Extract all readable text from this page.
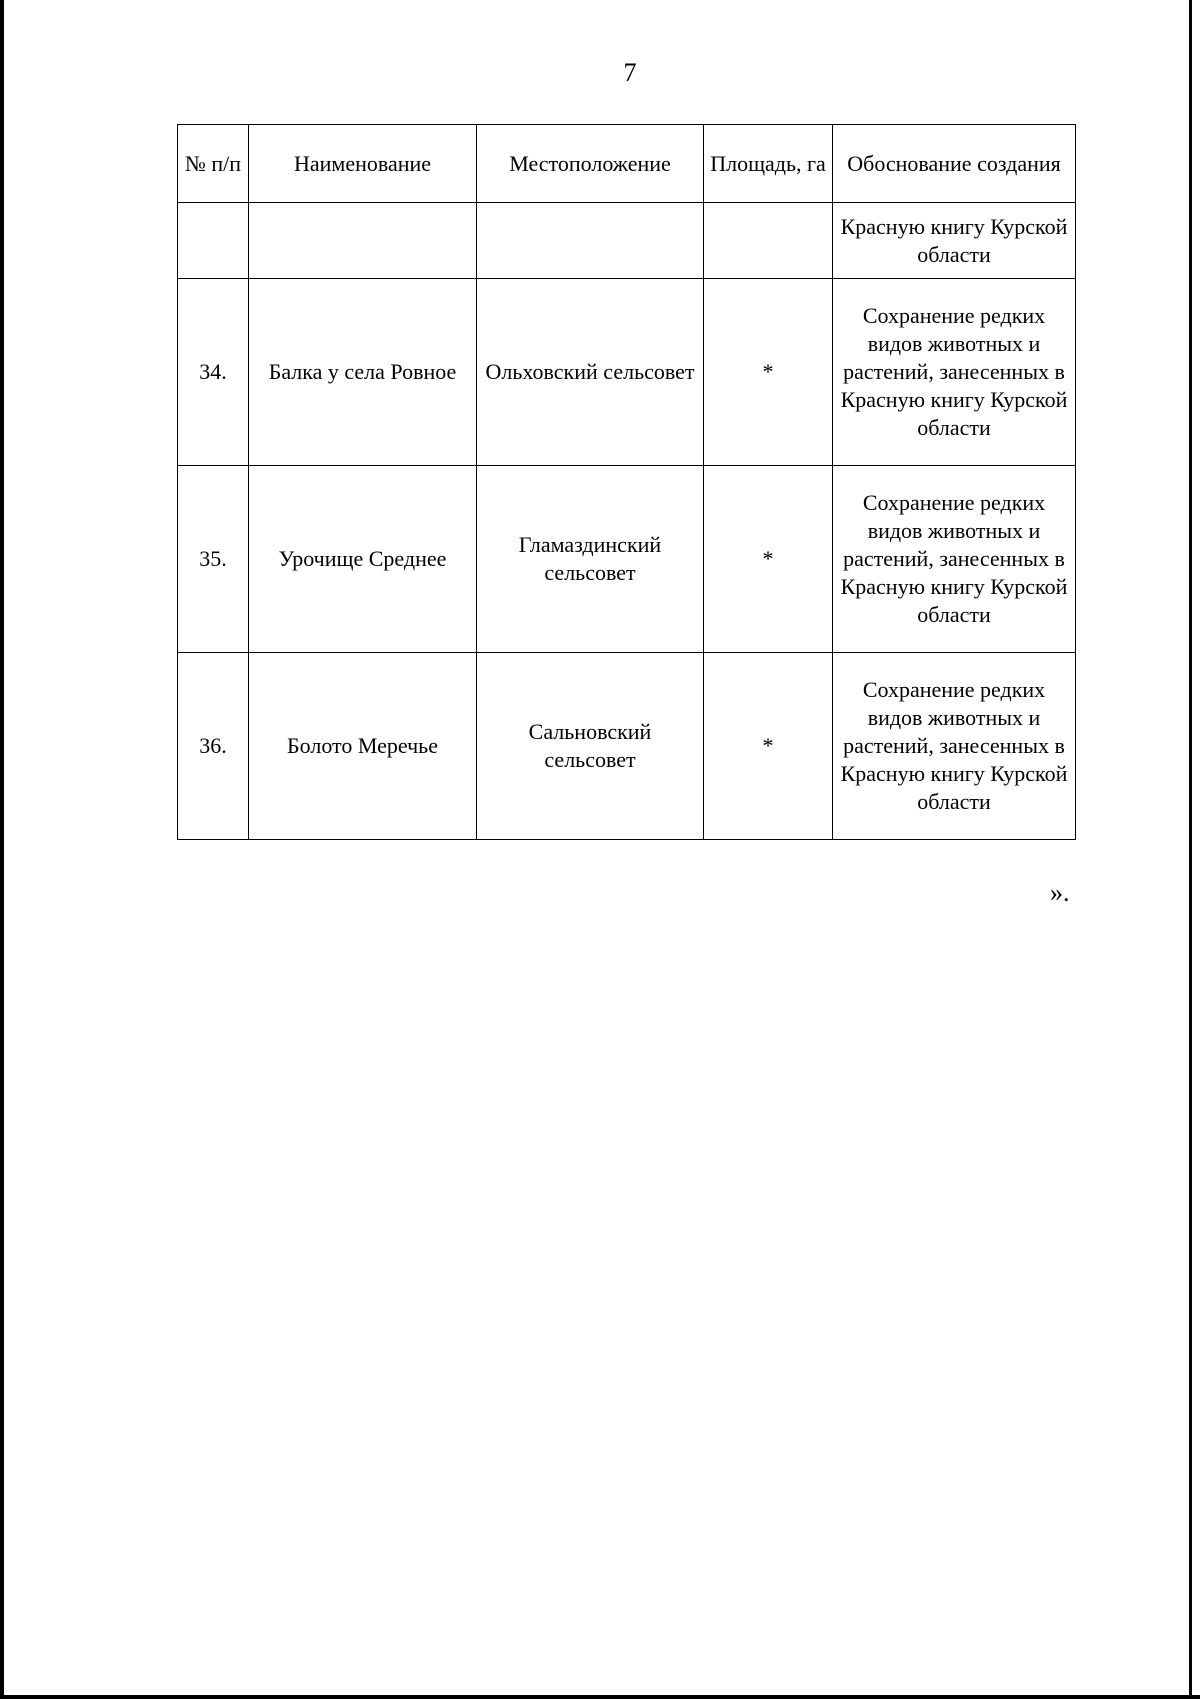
7
№ п/п	Наименование	Местоположение	Площадь, га	Обоснование создания
				Красную книгу Курской области
34.	Балка у села Ровное	Ольховский сельсовет	*	Сохранение редких видов животных и растений, занесенных в Красную книгу Курской области
35.	Урочище Среднее	Гламаздинский сельсовет	*	Сохранение редких видов животных и растений, занесенных в Красную книгу Курской области
36.	Болото Меречье	Сальновский сельсовет	*	Сохранение редких видов животных и растений, занесенных в Красную книгу Курской области
».
